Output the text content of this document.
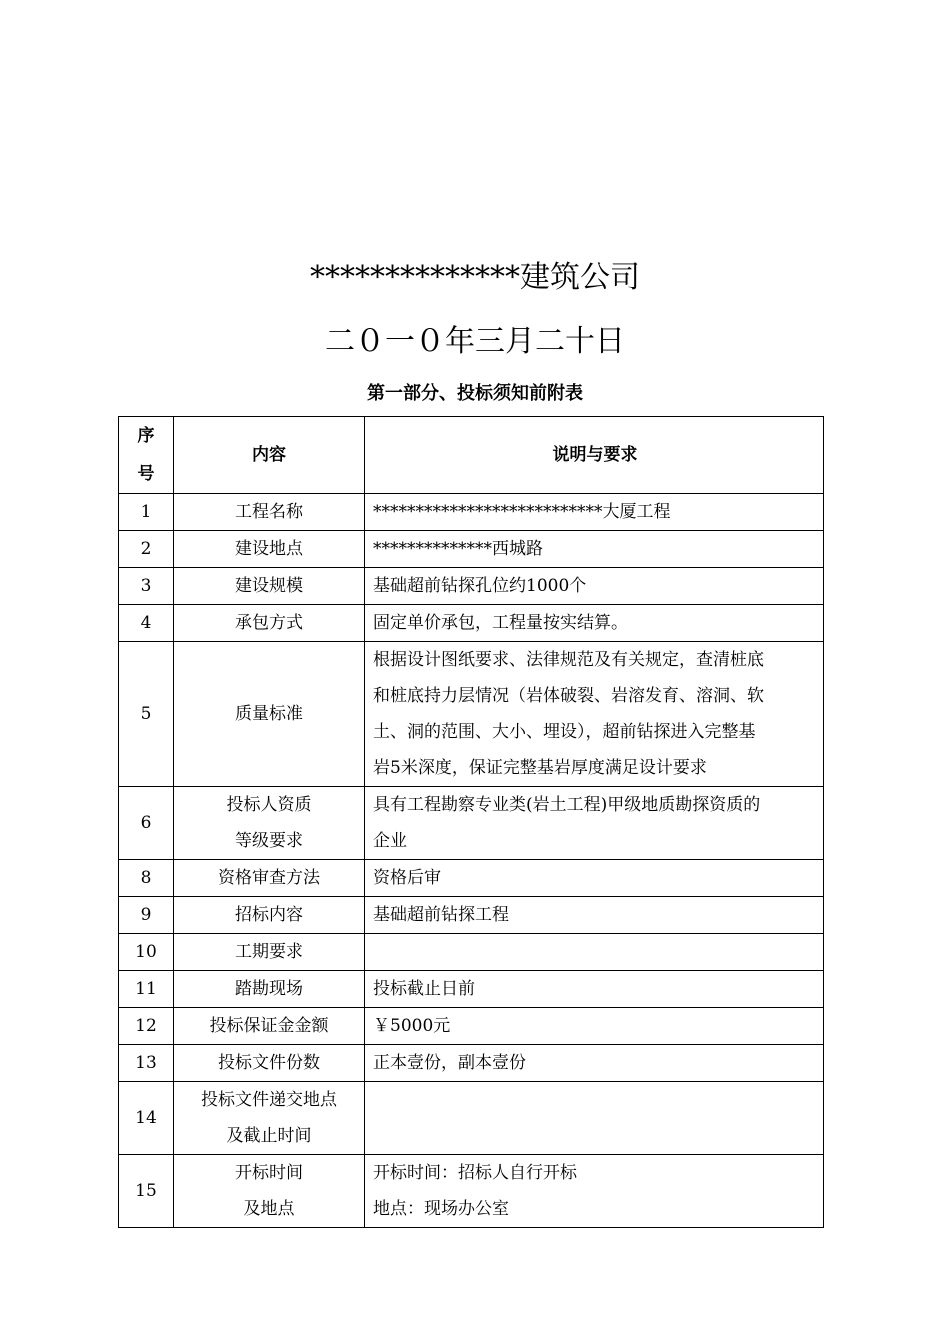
**************建筑公司
二０一０年三月二十日
第一部分、投标须知前附表
序
号	内容	说明与要求
1	工程名称	***************************大厦工程

2	建设地点	**************西城路

3	建设规模	基础超前钻探孔位约1000个

4	承包方式	固定单价承包，工程量按实结算。

5	质量标准	根据设计图纸要求、法律规范及有关规定，查清桩底
和桩底持力层情况（岩体破裂、岩溶发育、溶洞、软
土、洞的范围、大小、埋设），超前钻探进入完整基
岩5米深度，保证完整基岩厚度满足设计要求

6	投标人资质
等级要求	具有工程勘察专业类(岩土工程)甲级地质勘探资质的
企业

8	资格审查方法	资格后审

9	招标内容	基础超前钻探工程

10	工期要求	

11	踏勘现场	投标截止日前

12	投标保证金金额	￥5000元

13	投标文件份数	正本壹份，副本壹份

14	投标文件递交地点
及截止时间	

15	开标时间
及地点	开标时间：招标人自行开标
地点：现场办公室
